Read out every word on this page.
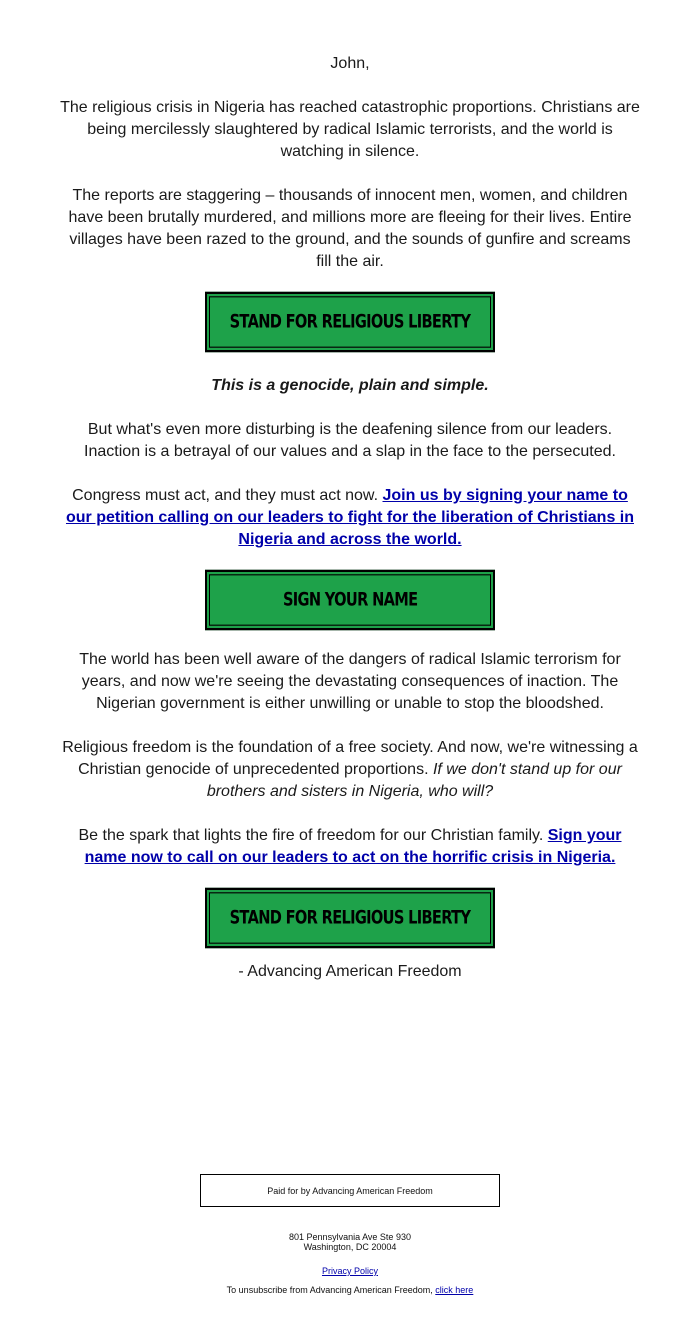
John,

The religious crisis in Nigeria has reached catastrophic proportions. Christians are being mercilessly slaughtered by radical Islamic terrorists, and the world is watching in silence.

The reports are staggering – thousands of innocent men, women, and children have been brutally murdered, and millions more are fleeing for their lives. Entire villages have been razed to the ground, and the sounds of gunfire and screams fill the air.

STAND FOR RELIGIOUS LIBERTY

This is a genocide, plain and simple.

But what's even more disturbing is the deafening silence from our leaders. Inaction is a betrayal of our values and a slap in the face to the persecuted.

Congress must act, and they must act now. Join us by signing your name to our petition calling on our leaders to fight for the liberation of Christians in Nigeria and across the world.

SIGN YOUR NAME

The world has been well aware of the dangers of radical Islamic terrorism for years, and now we're seeing the devastating consequences of inaction. The Nigerian government is either unwilling or unable to stop the bloodshed.

Religious freedom is the foundation of a free society. And now, we're witnessing a Christian genocide of unprecedented proportions. If we don't stand up for our brothers and sisters in Nigeria, who will?

Be the spark that lights the fire of freedom for our Christian family. Sign your name now to call on our leaders to act on the horrific crisis in Nigeria.

STAND FOR RELIGIOUS LIBERTY

- Advancing American Freedom

Paid for by Advancing American Freedom
801 Pennsylvania Ave Ste 930
Washington, DC 20004
Privacy Policy
To unsubscribe from Advancing American Freedom, click here
